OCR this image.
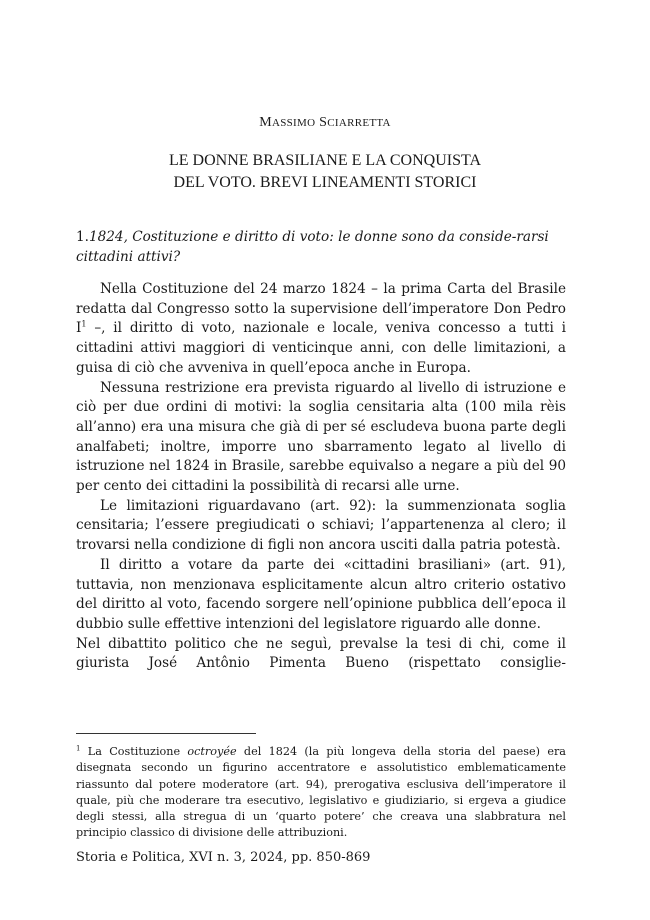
MASSIMO SCIARRETTA
LE DONNE BRASILIANE E LA CONQUISTA
DEL VOTO. BREVI LINEAMENTI STORICI
1.1824, Costituzione e diritto di voto: le donne sono da conside-rarsi cittadini attivi?

Nella Costituzione del 24 marzo 1824 – la prima Carta del Brasile redatta dal Congresso sotto la supervisione dell’imperatore Don Pedro $I^1$ –, il diritto di voto, nazionale e locale, veniva concesso a tutti i cittadini attivi maggiori di venticinque anni, con delle limitazioni, a guisa di ciò che avveniva in quell’epoca anche in Europa.

Nessuna restrizione era prevista riguardo al livello di istruzione e ciò per due ordini di motivi: la soglia censitaria alta (100 mila rèis all’anno) era una misura che già di per sé escludeva buona parte degli analfabeti; inoltre, imporre uno sbarramento legato al livello di istruzione nel 1824 in Brasile, sarebbe equivalso a negare a più del 90 per cento dei cittadini la possibilità di recarsi alle urne.

Le limitazioni riguardavano (art. 92): la summenzionata soglia censitaria; l’essere pregiudicati o schiavi; l’appartenenza al clero; il trovarsi nella condizione di figli non ancora usciti dalla patria potestà.

Il diritto a votare da parte dei «cittadini brasiliani» (art. 91), tuttavia, non menzionava esplicitamente alcun altro criterio ostativo del diritto al voto, facendo sorgere nell’opinione pubblica dell’epoca il dubbio sulle effettive intenzioni del legislatore riguardo alle donne.

Nel dibattito politico che ne seguì, prevalse la tesi di chi, come il giurista José Antônio Pimenta Bueno (rispettato consiglie-

$^1$ La Costituzione octroyée del 1824 (la più longeva della storia del paese) era disegnata secondo un figurino accentratore e assolutistico emblematicamente riassunto dal potere moderatore (art. 94), prerogativa esclusiva dell’imperatore il quale, più che moderare tra esecutivo, legislativo e giudiziario, si ergeva a giudice degli stessi, alla stregua di un ‘quarto potere’ che creava una slabbratura nel principio classico di divisione delle attribuzioni.
Storia e Politica, XVI n. 3, 2024, pp. 850-869
